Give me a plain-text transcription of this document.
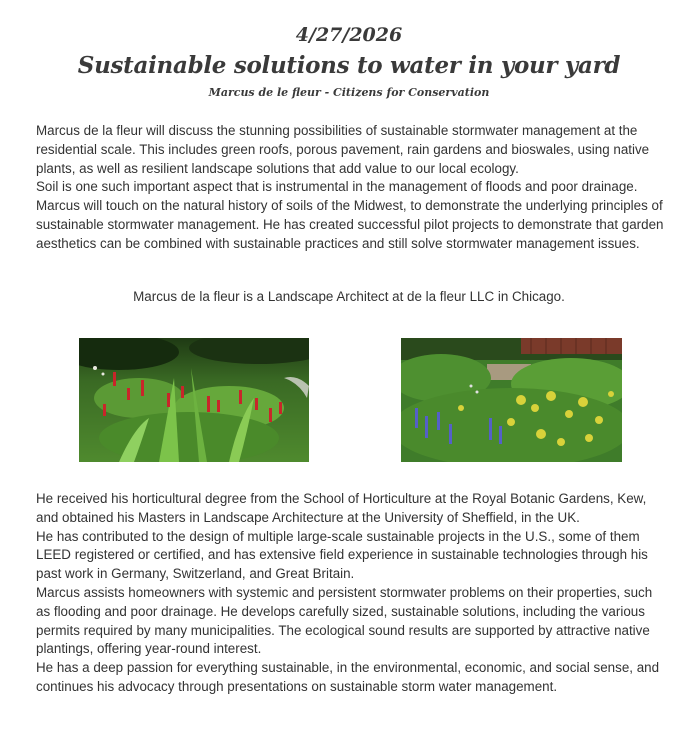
4/27/2026
Sustainable solutions to water in your yard
Marcus de le fleur - Citizens for Conservation

Marcus de la fleur will discuss the stunning possibilities of sustainable stormwater management at the residential scale. This includes green roofs, porous pavement, rain gardens and bioswales, using native plants, as well as resilient landscape solutions that add value to our local ecology.

Soil is one such important aspect that is instrumental in the management of floods and poor drainage. Marcus will touch on the natural history of soils of the Midwest, to demonstrate the underlying principles of sustainable stormwater management. He has created successful pilot projects to demonstrate that garden aesthetics can be combined with sustainable practices and still solve stormwater management issues.

Marcus de la fleur is a Landscape Architect at de la fleur LLC in Chicago.

He received his horticultural degree from the School of Horticulture at the Royal Botanic Gardens, Kew, and obtained his Masters in Landscape Architecture at the University of Sheffield, in the UK.

He has contributed to the design of multiple large-scale sustainable projects in the U.S., some of them LEED registered or certified, and has extensive field experience in sustainable technologies through his past work in Germany, Switzerland, and Great Britain.

Marcus assists homeowners with systemic and persistent stormwater problems on their properties, such as flooding and poor drainage. He develops carefully sized, sustainable solutions, including the various permits required by many municipalities. The ecological sound results are supported by attractive native plantings, offering year-round interest.

He has a deep passion for everything sustainable, in the environmental, economic, and social sense, and continues his advocacy through presentations on sustainable storm water management.
